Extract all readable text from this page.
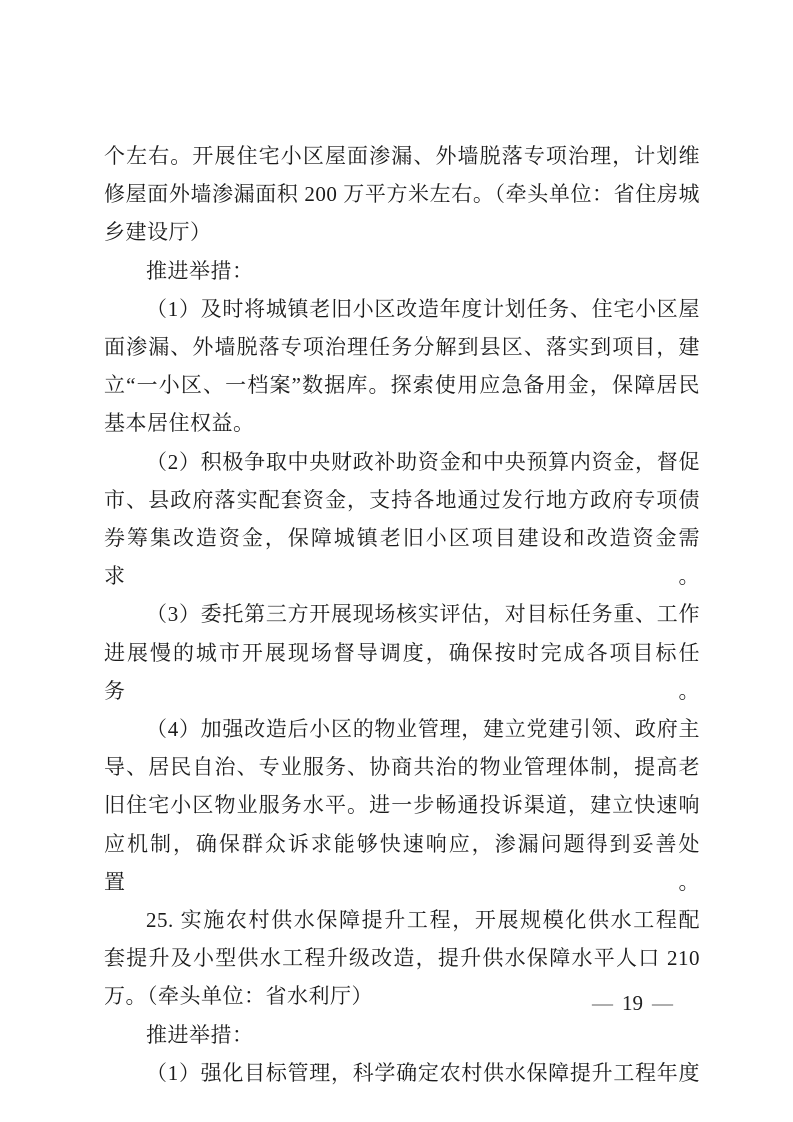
个左右。开展住宅小区屋面渗漏、外墙脱落专项治理，计划维

修屋面外墙渗漏面积 200 万平方米左右。（牵头单位：省住房城

乡建设厅）

推进举措：

（1）及时将城镇老旧小区改造年度计划任务、住宅小区屋

面渗漏、外墙脱落专项治理任务分解到县区、落实到项目，建

立“一小区、一档案”数据库。探索使用应急备用金，保障居民

基本居住权益。

（2）积极争取中央财政补助资金和中央预算内资金，督促

市、县政府落实配套资金，支持各地通过发行地方政府专项债

券筹集改造资金，保障城镇老旧小区项目建设和改造资金需求。

（3）委托第三方开展现场核实评估，对目标任务重、工作

进展慢的城市开展现场督导调度，确保按时完成各项目标任务。

（4）加强改造后小区的物业管理，建立党建引领、政府主

导、居民自治、专业服务、协商共治的物业管理体制，提高老

旧住宅小区物业服务水平。进一步畅通投诉渠道，建立快速响

应机制，确保群众诉求能够快速响应，渗漏问题得到妥善处置。

25. 实施农村供水保障提升工程，开展规模化供水工程配

套提升及小型供水工程升级改造，提升供水保障水平人口 210

万。（牵头单位：省水利厅）

推进举措：

（1）强化目标管理，科学确定农村供水保障提升工程年度

— 19 —
